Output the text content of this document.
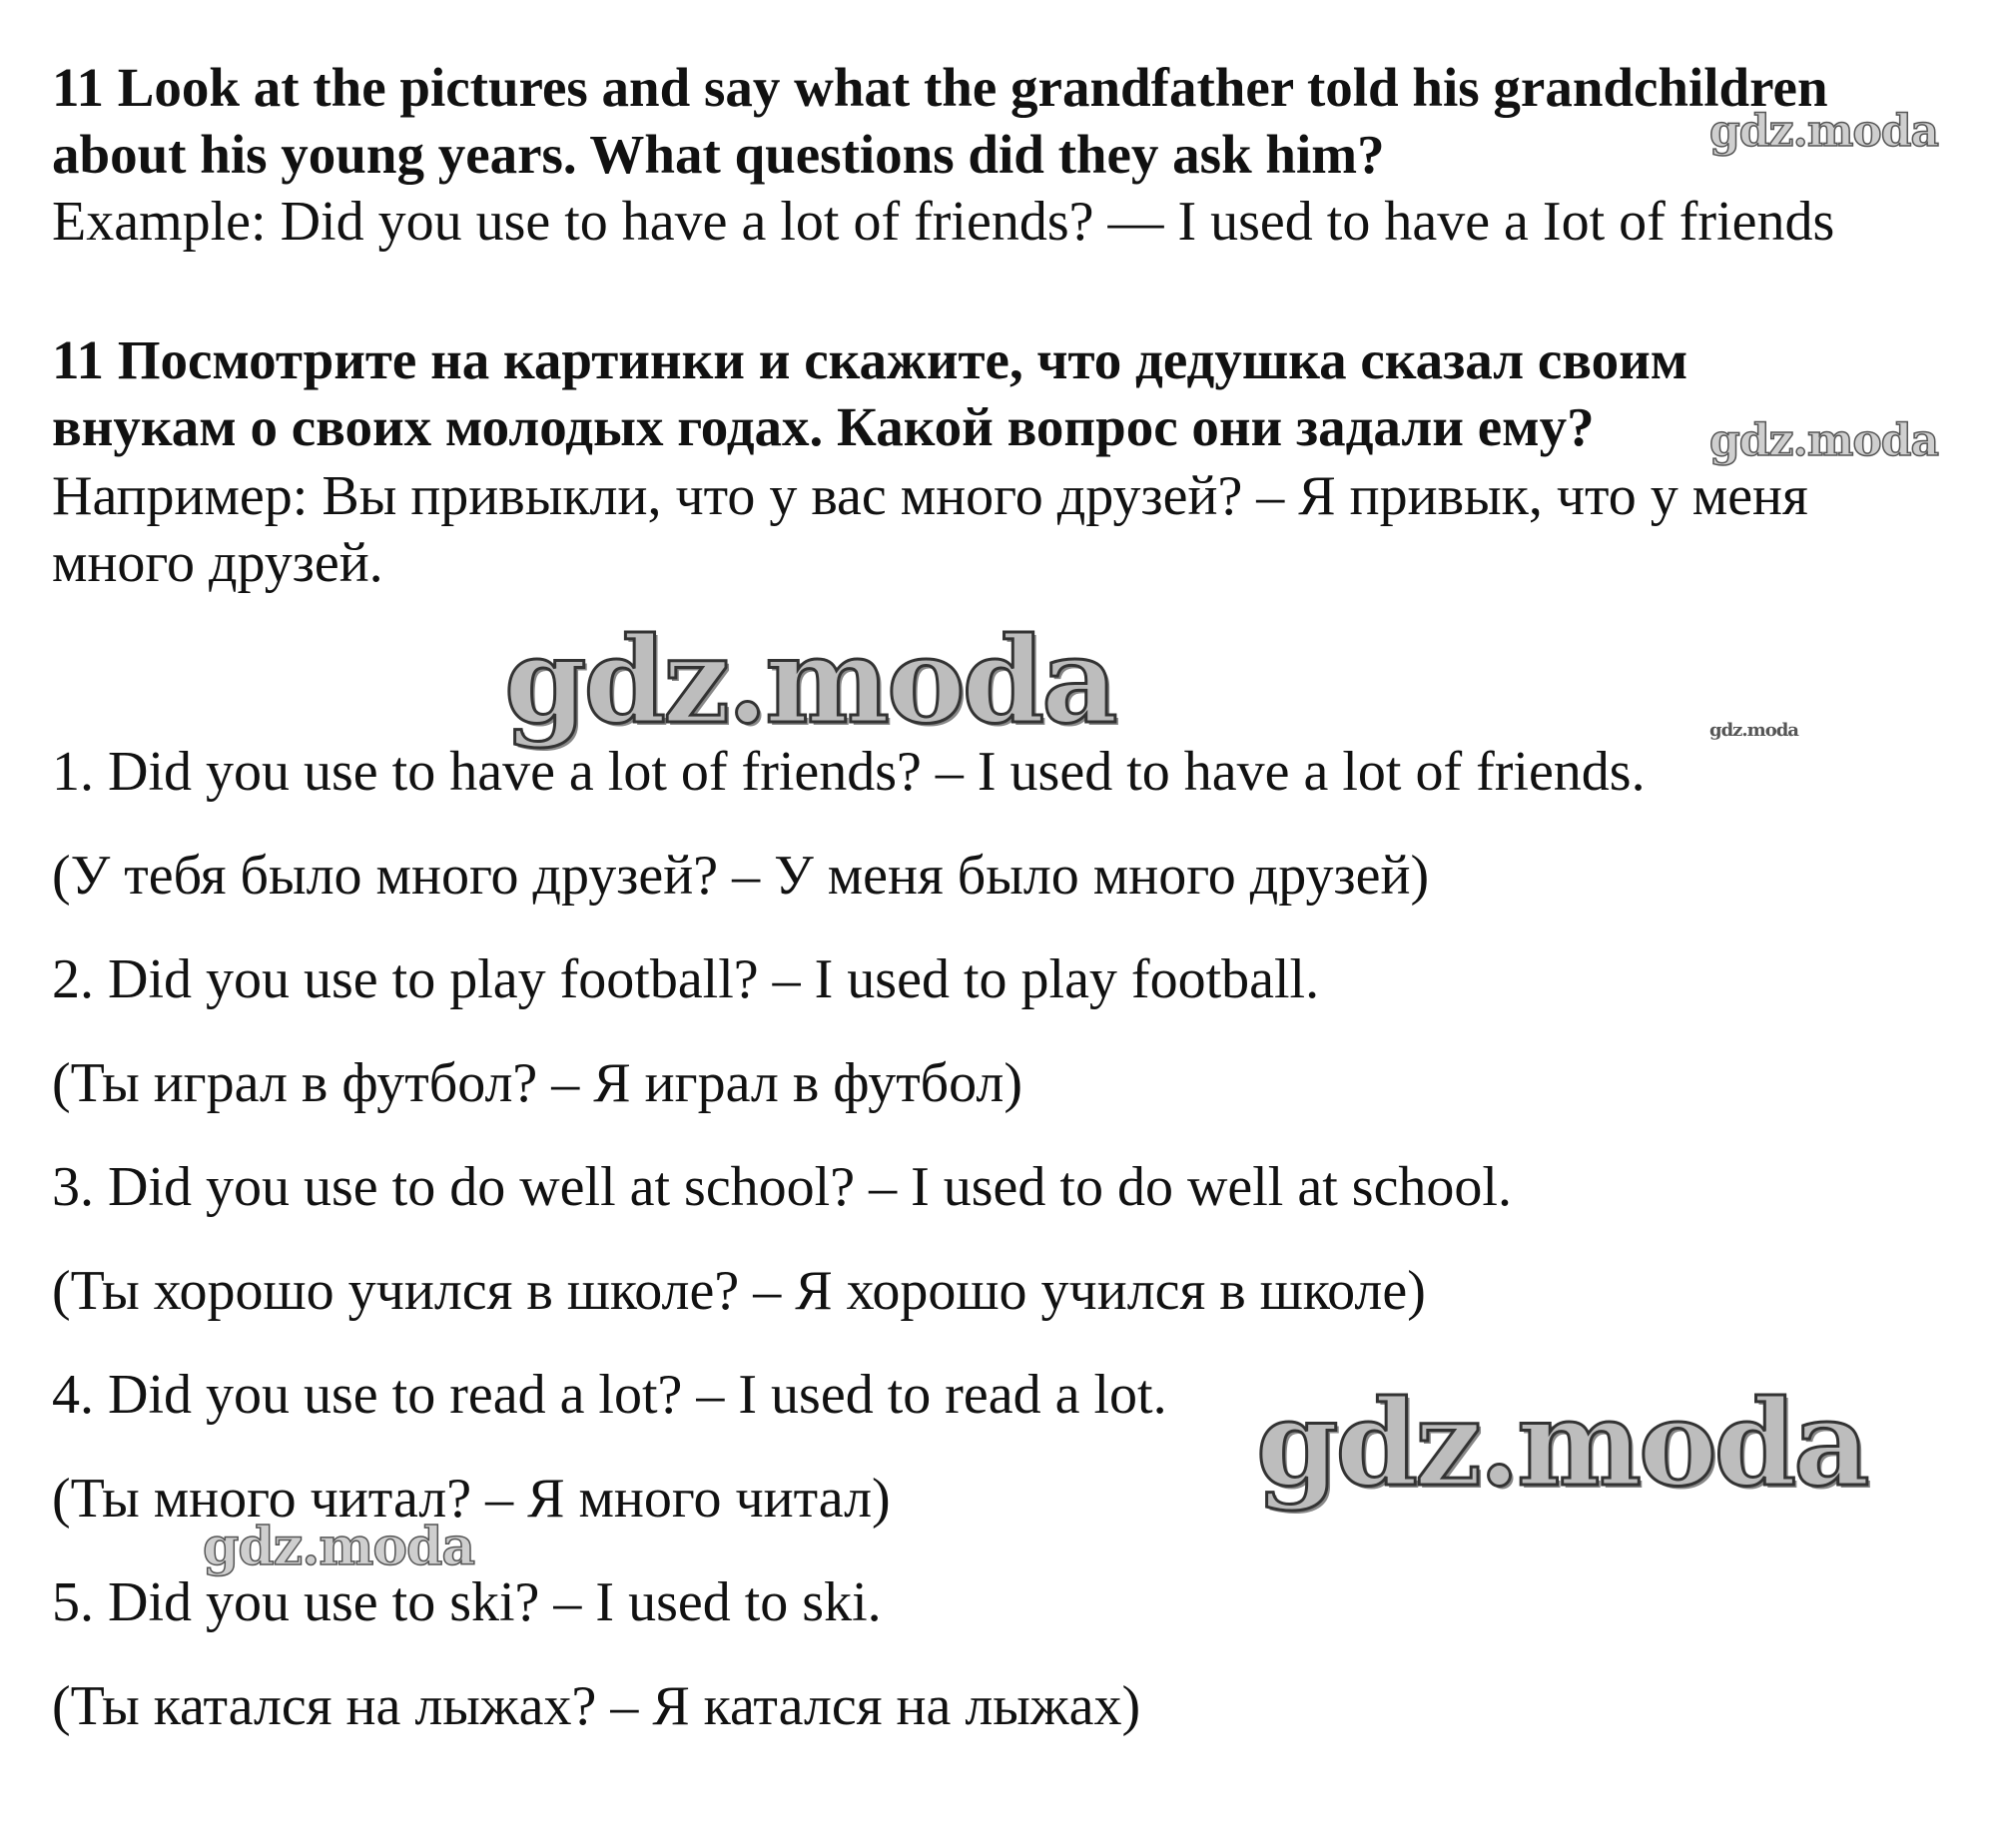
11 Look at the pictures and say what the grandfather told his grandchildren
about his young years. What questions did they ask him?
Example: Did you use to have a lot of friends? — I used to have a Iot of friends
11 Посмотрите на картинки и скажите, что дедушка сказал своим
внукам о своих молодых годах. Какой вопрос они задали ему?
Например: Вы привыкли, что у вас много друзей? – Я привык, что у меня
много друзей.
1. Did you use to have a lot of friends? – I used to have a lot of friends.
(У тебя было много друзей? – У меня было много друзей)
2. Did you use to play football? – I used to play football.
(Ты играл в футбол? – Я играл в футбол)
3. Did you use to do well at school? – I used to do well at school.
(Ты хорошо учился в школе? – Я хорошо учился в школе)
4. Did you use to read a lot? – I used to read a lot.
(Ты много читал? – Я много читал)
5. Did you use to ski? – I used to ski.
(Ты катался на лыжах? – Я катался на лыжах)
gdz.moda
gdz.moda
gdz.moda	gdz.moda
gdz.moda
gdz.moda
